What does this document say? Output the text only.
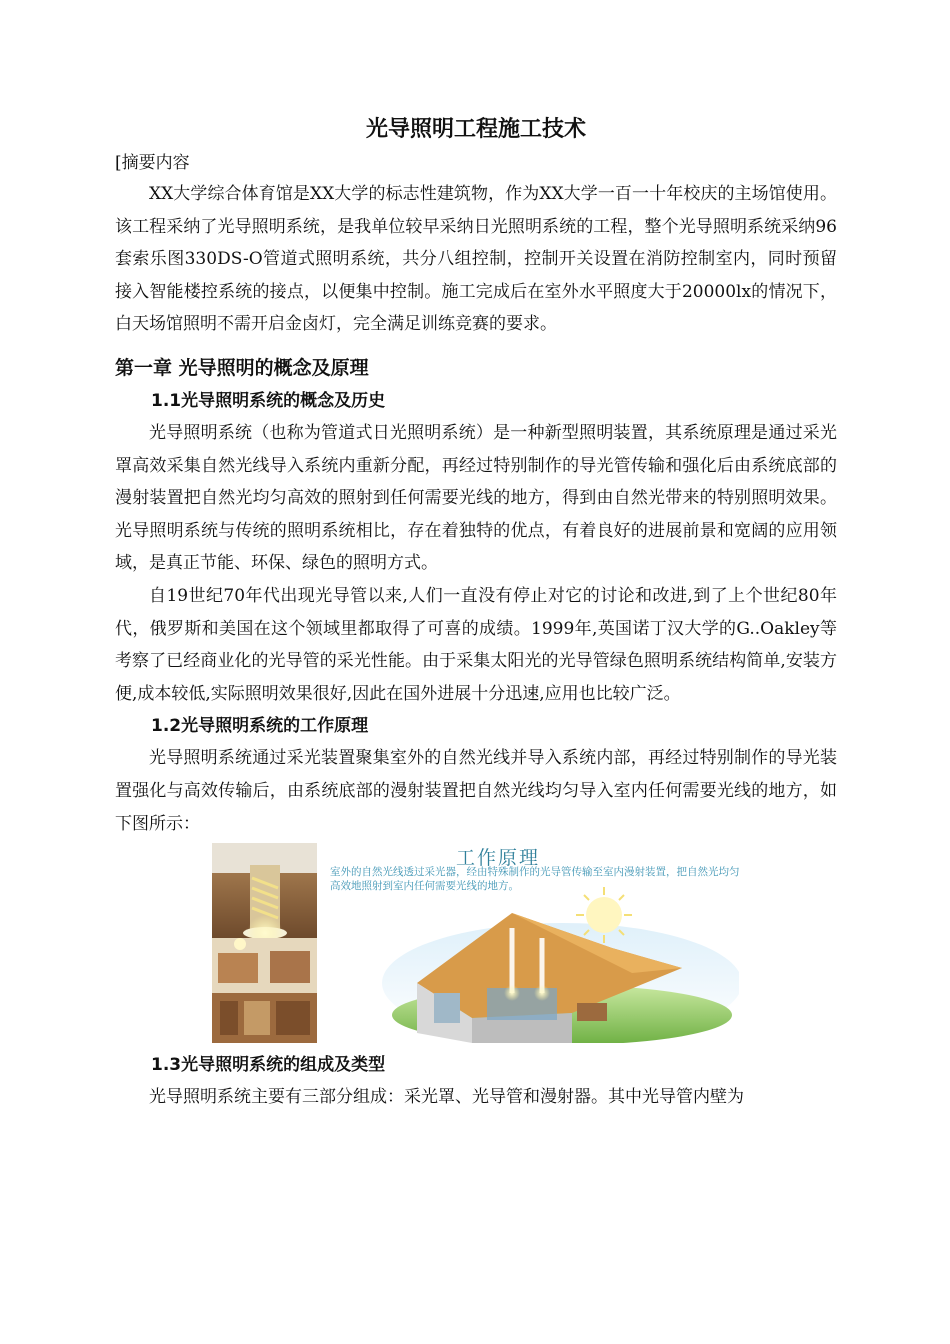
光导照明工程施工技术
[摘要内容

XX大学综合体育馆是XX大学的标志性建筑物，作为XX大学一百一十年校庆的主场馆使用。该工程采纳了光导照明系统，是我单位较早采纳日光照明系统的工程，整个光导照明系统采纳96套索乐图330DS-O管道式照明系统，共分八组控制，控制开关设置在消防控制室内，同时预留接入智能楼控系统的接点，以便集中控制。施工完成后在室外水平照度大于20000lx的情况下，白天场馆照明不需开启金卤灯，完全满足训练竞赛的要求。

第一章 光导照明的概念及原理
1.1光导照明系统的概念及历史

光导照明系统（也称为管道式日光照明系统）是一种新型照明装置，其系统原理是通过采光罩高效采集自然光线导入系统内重新分配，再经过特别制作的导光管传输和强化后由系统底部的漫射装置把自然光均匀高效的照射到任何需要光线的地方，得到由自然光带来的特别照明效果。光导照明系统与传统的照明系统相比，存在着独特的优点，有着良好的进展前景和宽阔的应用领域，是真正节能、环保、绿色的照明方式。

自19世纪70年代出现光导管以来,人们一直没有停止对它的讨论和改进,到了上个世纪80年代，俄罗斯和美国在这个领域里都取得了可喜的成绩。1999年,英国诺丁汉大学的G..Oakley等考察了已经商业化的光导管的采光性能。由于采集太阳光的光导管绿色照明系统结构简单,安装方便,成本较低,实际照明效果很好,因此在国外进展十分迅速,应用也比较广泛。

1.2光导照明系统的工作原理

光导照明系统通过采光装置聚集室外的自然光线并导入系统内部，再经过特别制作的导光装置强化与高效传输后，由系统底部的漫射装置把自然光线均匀导入室内任何需要光线的地方，如下图所示：

工作原理
室外的自然光线透过采光器，经由特殊制作的光导管传输至室内漫射装置，把自然光均匀高效地照射到室内任何需要光线的地方。
1.3光导照明系统的组成及类型

光导照明系统主要有三部分组成：采光罩、光导管和漫射器。其中光导管内壁为
